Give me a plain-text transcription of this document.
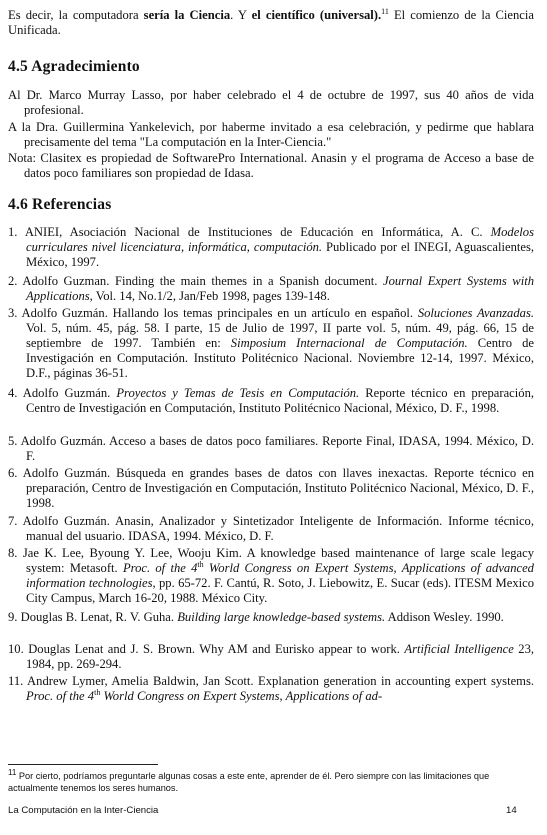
Es decir, la computadora sería la Ciencia. Y el científico (universal).$^{11}$ El comienzo de la Ciencia Unificada.
4.5 Agradecimiento
Al Dr. Marco Murray Lasso, por haber celebrado el 4 de octubre de 1997, sus 40 años de vida profesional.
A la Dra. Guillermina Yankelevich, por haberme invitado a esa celebración, y pedirme que hablara precisamente del tema "La computación en la Inter-Ciencia."
Nota: Clasitex es propiedad de SoftwarePro International. Anasin y el programa de Acceso a base de datos poco familiares son propiedad de Idasa.
4.6 Referencias
1. ANIEI, Asociación Nacional de Instituciones de Educación en Informática, A. C. Modelos curriculares nivel licenciatura, informática, computación. Publicado por el INEGI, Aguascalientes, México, 1997.
2. Adolfo Guzman. Finding the main themes in a Spanish document. Journal Expert Systems with Applications, Vol. 14, No.1/2, Jan/Feb 1998, pages 139-148.
3. Adolfo Guzmán. Hallando los temas principales en un artículo en español. Soluciones Avanzadas. Vol. 5, núm. 45, pág. 58. I parte, 15 de Julio de 1997, II parte vol. 5, núm. 49, pág. 66, 15 de septiembre de 1997. También en: Simposium Internacional de Computación. Centro de Investigación en Computación. Instituto Politécnico Nacional. Noviembre 12-14, 1997. México, D.F., páginas 36-51.
4. Adolfo Guzmán. Proyectos y Temas de Tesis en Computación. Reporte técnico en preparación, Centro de Investigación en Computación, Instituto Politécnico Nacional, México, D. F., 1998.
5. Adolfo Guzmán. Acceso a bases de datos poco familiares. Reporte Final, IDASA, 1994. México, D. F.
6. Adolfo Guzmán. Búsqueda en grandes bases de datos con llaves inexactas. Reporte técnico en preparación, Centro de Investigación en Computación, Instituto Politécnico Nacional, México, D. F., 1998.
7. Adolfo Guzmán. Anasin, Analizador y Sintetizador Inteligente de Información. Informe técnico, manual del usuario. IDASA, 1994. México, D. F.
8. Jae K. Lee, Byoung Y. Lee, Wooju Kim. A knowledge based maintenance of large scale legacy system: Metasoft. Proc. of the 4th World Congress on Expert Systems, Applications of advanced information technologies, pp. 65-72. F. Cantú, R. Soto, J. Liebowitz, E. Sucar (eds). ITESM Mexico City Campus, March 16-20, 1988. México City.
9. Douglas B. Lenat, R. V. Guha. Building large knowledge-based systems. Addison Wesley. 1990.
10. Douglas Lenat and J. S. Brown. Why AM and Eurisko appear to work. Artificial Intelligence 23, 1984, pp. 269-294.
11. Andrew Lymer, Amelia Baldwin, Jan Scott. Explanation generation in accounting expert systems. Proc. of the 4th World Congress on Expert Systems, Applications of ad-
$^{11}$ Por cierto, podríamos preguntarle algunas cosas a este ente, aprender de él. Pero siempre con las limitaciones que actualmente tenemos los seres humanos.
La Computación en la Inter-Ciencia	14
